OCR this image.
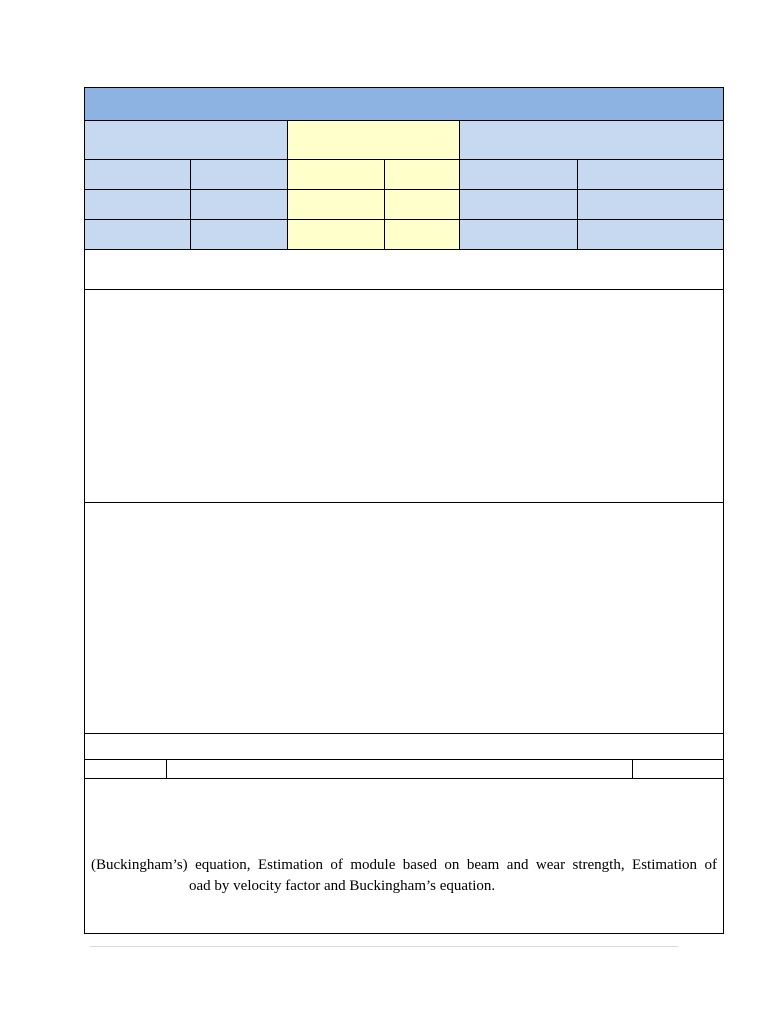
(Buckingham’s) equation, Estimation of module based on beam and wear strength, Estimation of
oad by velocity factor and Buckingham’s equation.
